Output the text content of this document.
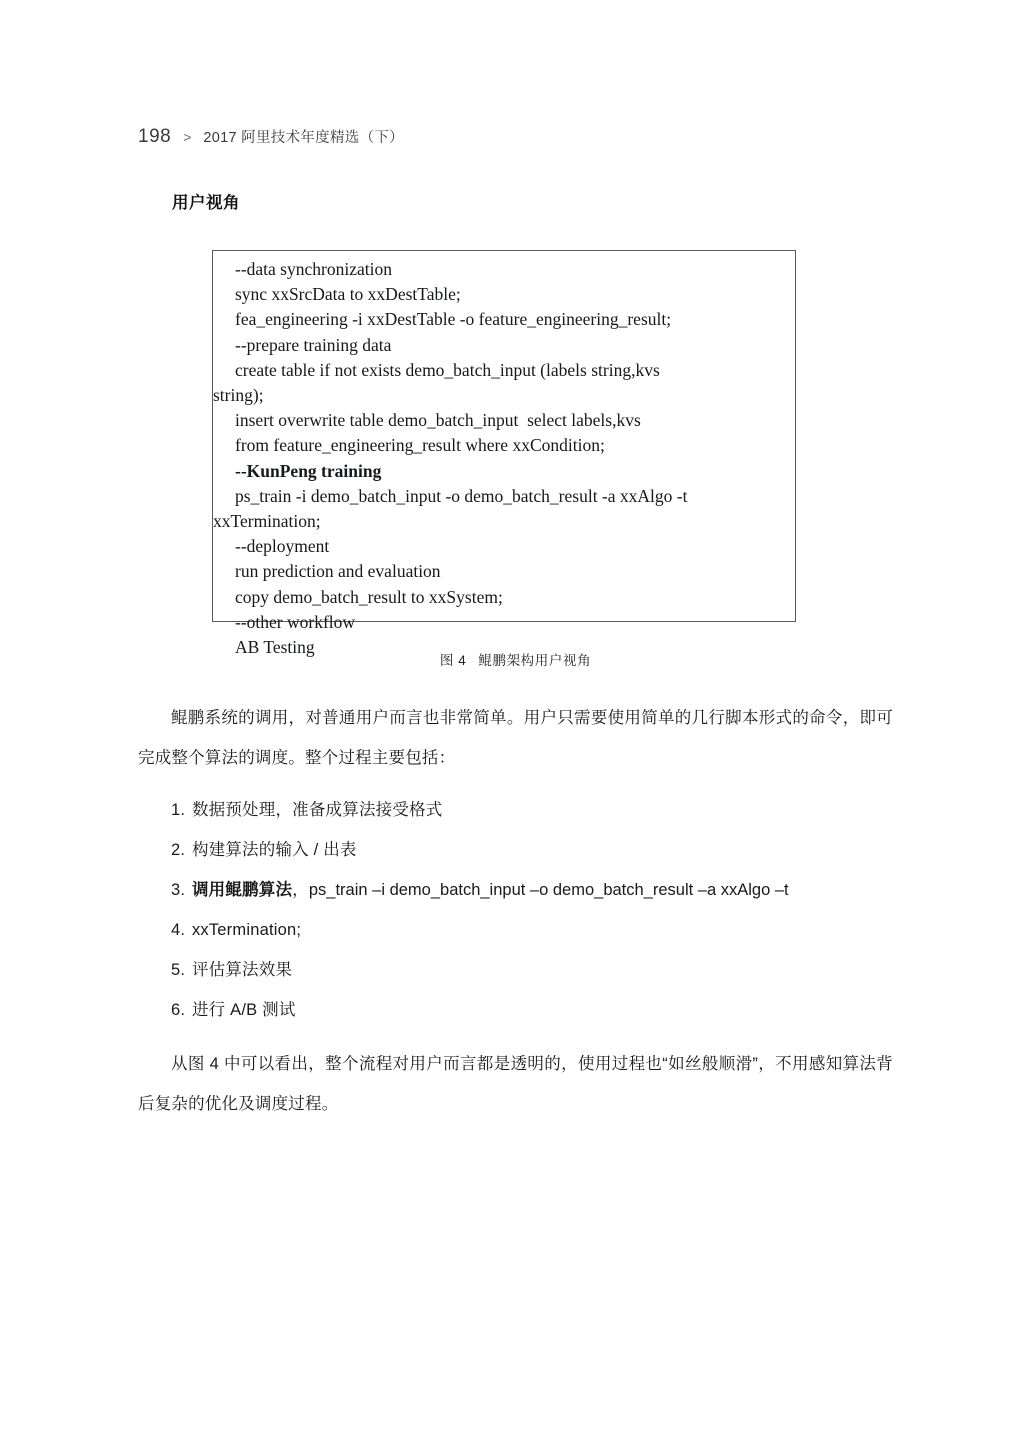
198 > 2017 阿里技术年度精选（下）
用户视角
--data synchronization
sync xxSrcData to xxDestTable;
fea_engineering -i xxDestTable -o feature_engineering_result;
--prepare training data
create table if not exists demo_batch_input (labels string,kvs
string);
insert overwrite table demo_batch_input  select labels,kvs
from feature_engineering_result where xxCondition;
--KunPeng training
ps_train -i demo_batch_input -o demo_batch_result -a xxAlgo -t
xxTermination;
--deployment
run prediction and evaluation
copy demo_batch_result to xxSystem;
--other workflow
AB Testing
图 4 鲲鹏架构用户视角

鲲鹏系统的调用，对普通用户而言也非常简单。用户只需要使用简单的几行脚本形式的命令，即可完成整个算法的调度。整个过程主要包括：

1. 数据预处理，准备成算法接受格式
2. 构建算法的输入 / 出表
3. 调用鲲鹏算法，ps_train –i demo_batch_input –o demo_batch_result –a xxAlgo –t
4. xxTermination;
5. 评估算法效果
6. 进行 A/B 测试

从图 4 中可以看出，整个流程对用户而言都是透明的，使用过程也“如丝般顺滑”，不用感知算法背后复杂的优化及调度过程。
